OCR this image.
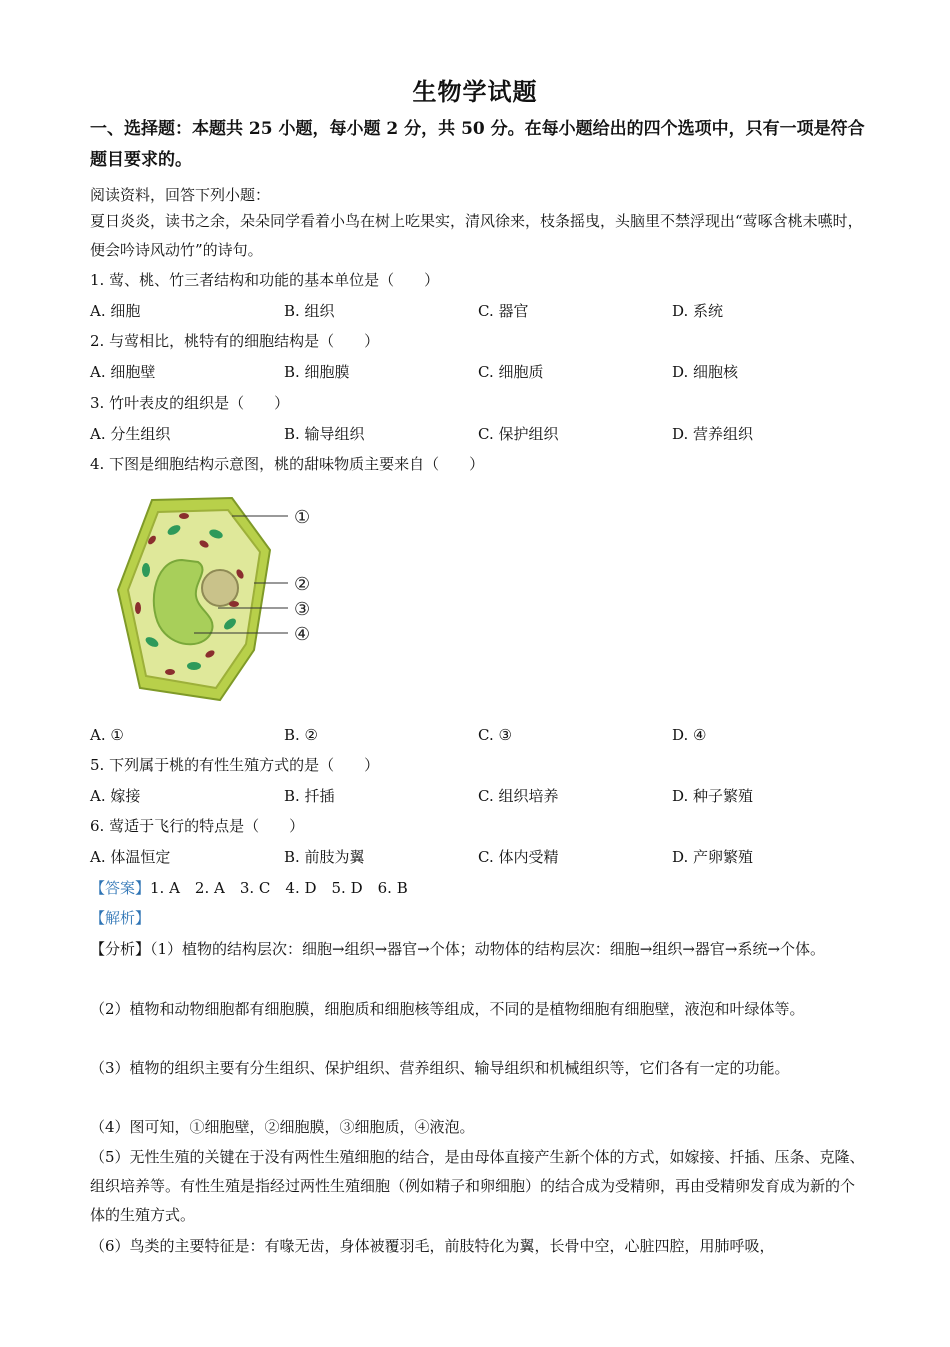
生物学试题
一、选择题：本题共 25 小题，每小题 2 分，共 50 分。在每小题给出的四个选项中，只有一项是符合题目要求的。
阅读资料，回答下列小题：
夏日炎炎，读书之余，朵朵同学看着小鸟在树上吃果实，清风徐来，枝条摇曳，头脑里不禁浮现出“莺啄含桃未嚥时，便会吟诗风动竹”的诗句。
1. 莺、桃、竹三者结构和功能的基本单位是（　　）
A. 细胞	B. 组织	C. 器官	D. 系统
2. 与莺相比，桃特有的细胞结构是（　　）
A. 细胞壁	B. 细胞膜	C. 细胞质	D. 细胞核
3. 竹叶表皮的组织是（　　）
A. 分生组织	B. 输导组织	C. 保护组织	D. 营养组织
4. 下图是细胞结构示意图，桃的甜味物质主要来自（　　）
①
②
③
④
A. ①	B. ②	C. ③	D. ④
5. 下列属于桃的有性生殖方式的是（　　）
A. 嫁接	B. 扦插	C. 组织培养	D. 种子繁殖
6. 莺适于飞行的特点是（　　）
A. 体温恒定	B. 前肢为翼	C. 体内受精	D. 产卵繁殖
【答案】1. A　2. A　3. C　4. D　5. D　6. B
【解析】
【分析】（1）植物的结构层次：细胞→组织→器官→个体；动物体的结构层次：细胞→组织→器官→系统→个体。
（2）植物和动物细胞都有细胞膜，细胞质和细胞核等组成，不同的是植物细胞有细胞壁，液泡和叶绿体等。
（3）植物的组织主要有分生组织、保护组织、营养组织、输导组织和机械组织等，它们各有一定的功能。
（4）图可知，①细胞壁，②细胞膜，③细胞质，④液泡。
（5）无性生殖的关键在于没有两性生殖细胞的结合，是由母体直接产生新个体的方式，如嫁接、扦插、压条、克隆、组织培养等。有性生殖是指经过两性生殖细胞（例如精子和卵细胞）的结合成为受精卵，再由受精卵发育成为新的个体的生殖方式。
（6）鸟类的主要特征是：有喙无齿，身体被覆羽毛，前肢特化为翼，长骨中空，心脏四腔，用肺呼吸，
